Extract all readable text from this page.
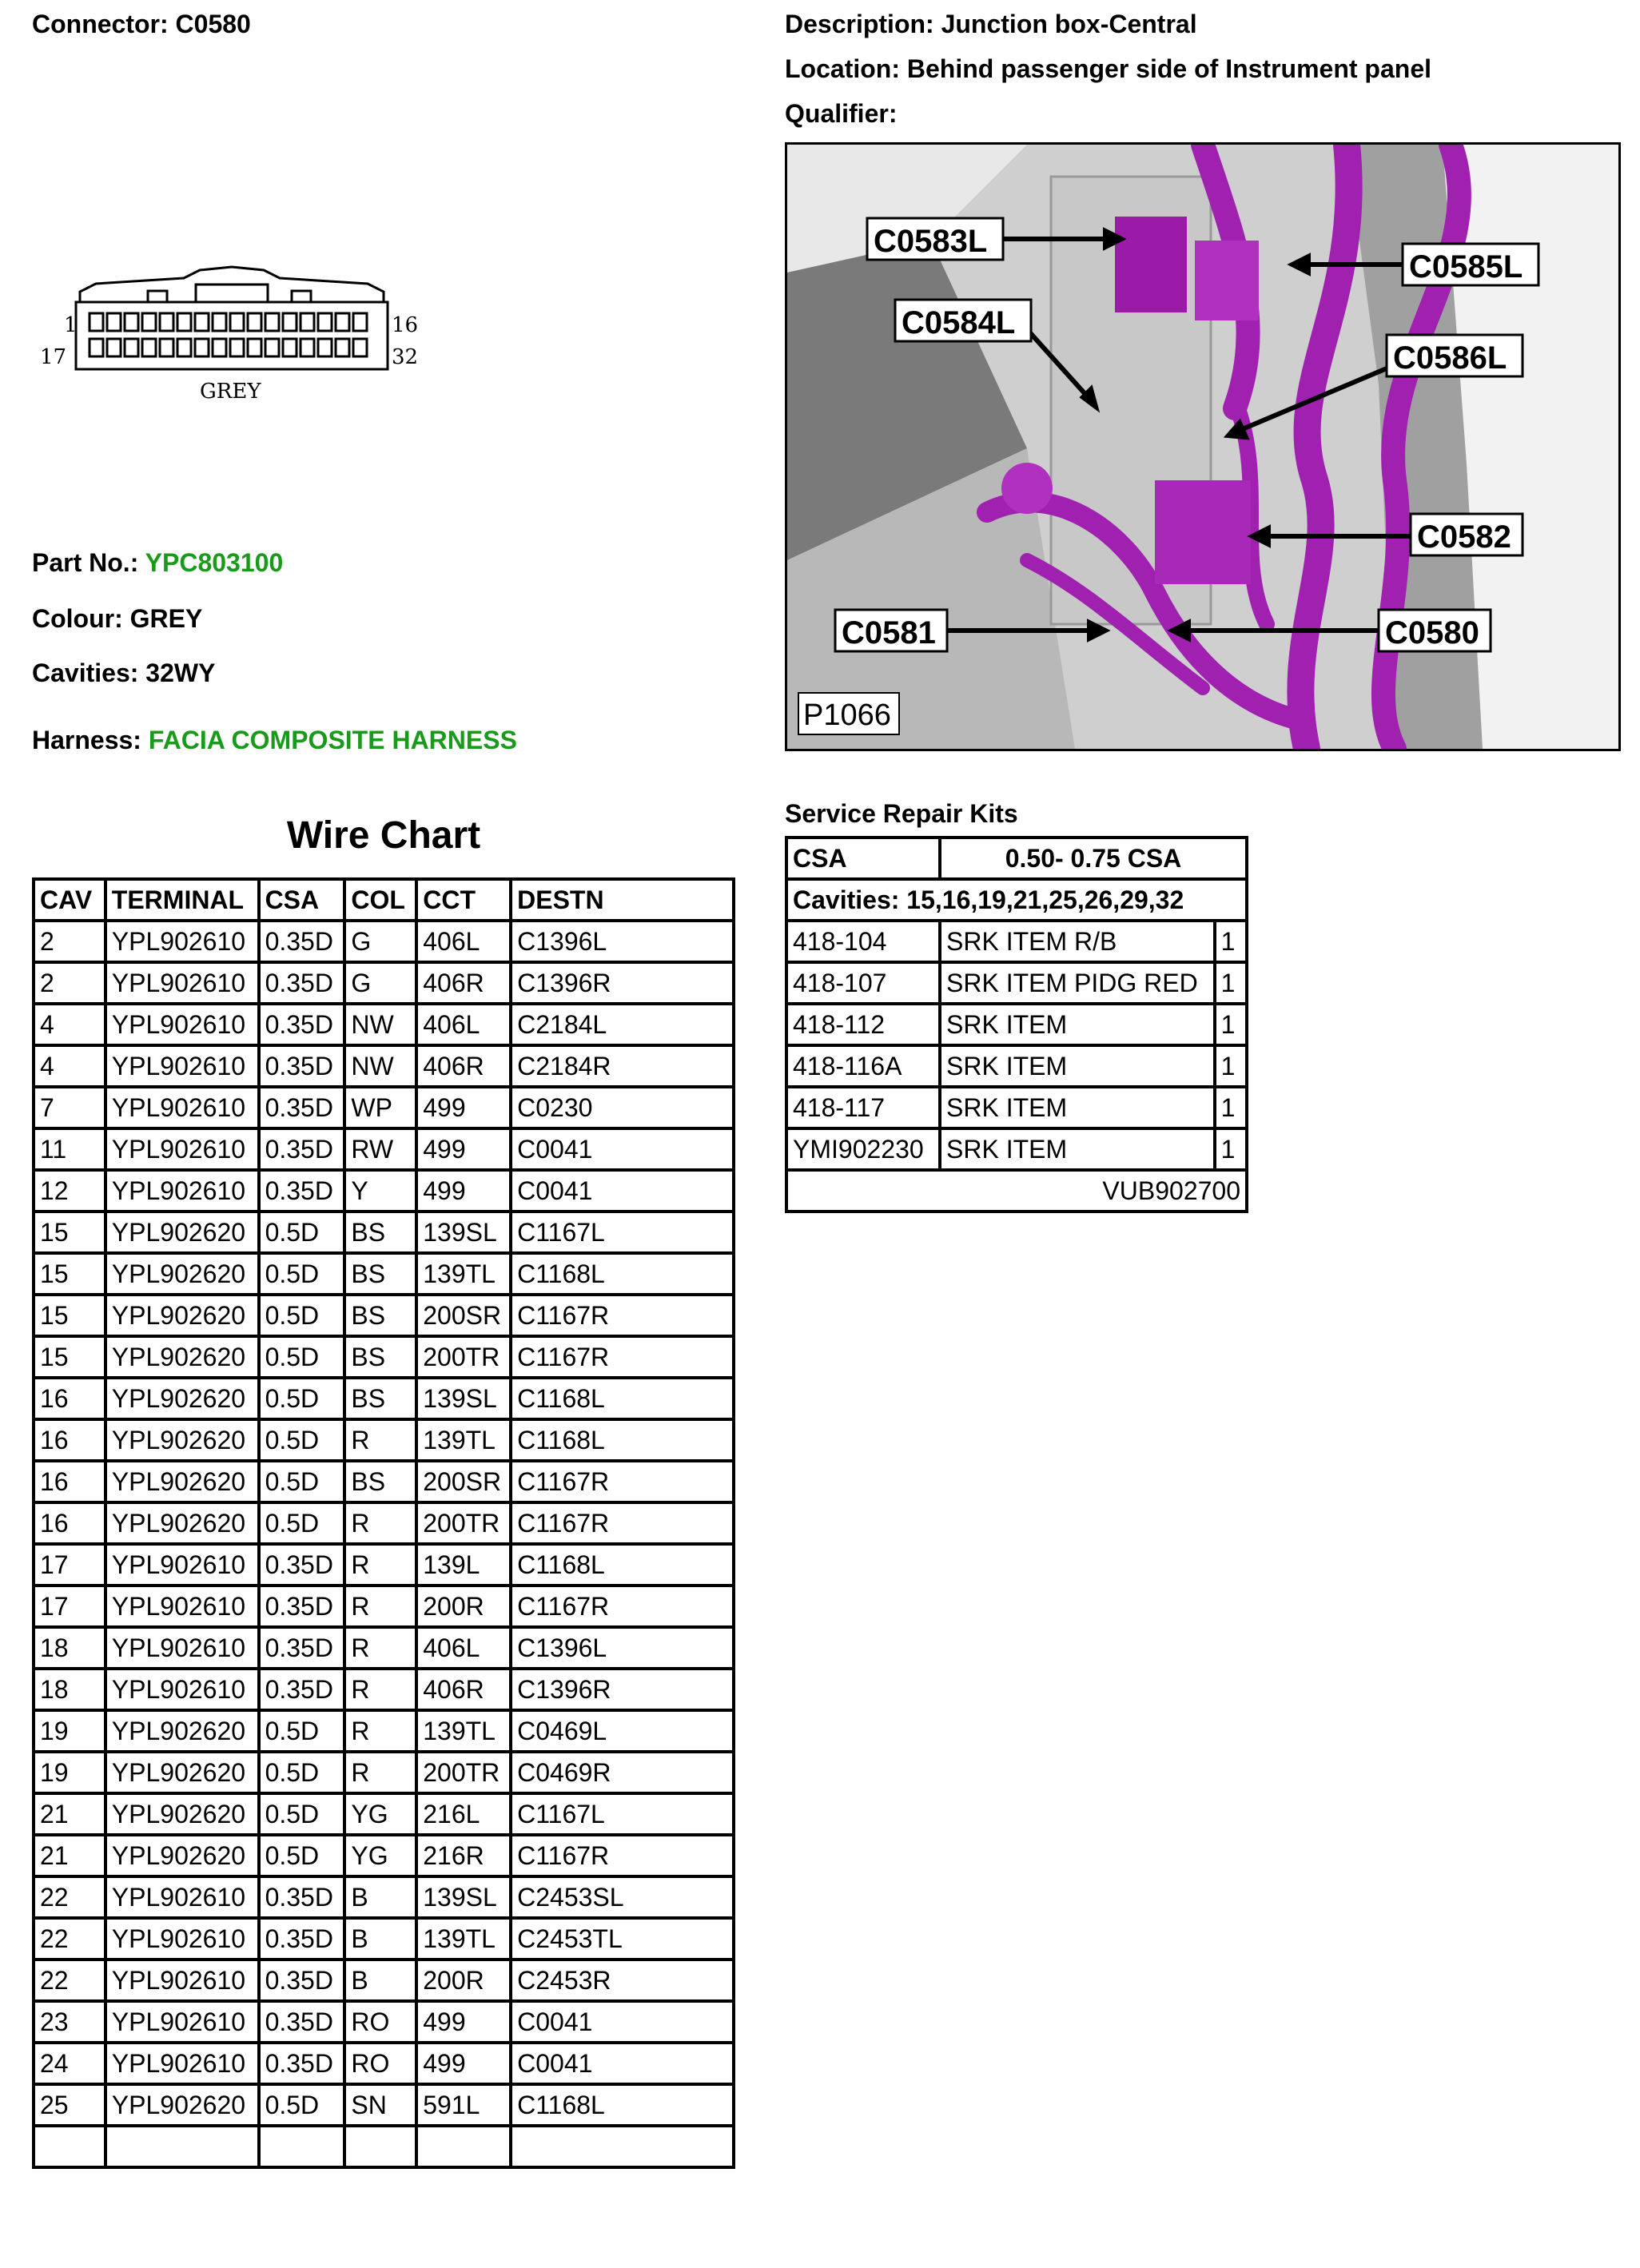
Connector: C0580	Description: Junction box-Central
Location: Behind passenger side of Instrument panel
Qualifier:
1	16
17	32
GREY
Part No.: YPC803100
Colour: GREY
Cavities: 32WY
Harness: FACIA COMPOSITE HARNESS
C0583L
C0585L
C0584L
C0586L
C0582
C0581	C0580
P1066
Wire Chart
CAV	TERMINAL	CSA	COL	CCT	DESTN
2	YPL902610	0.35D	G	406L	C1396L
2	YPL902610	0.35D	G	406R	C1396R
4	YPL902610	0.35D	NW	406L	C2184L
4	YPL902610	0.35D	NW	406R	C2184R
7	YPL902610	0.35D	WP	499	C0230
11	YPL902610	0.35D	RW	499	C0041
12	YPL902610	0.35D	Y	499	C0041
15	YPL902620	0.5D	BS	139SL	C1167L
15	YPL902620	0.5D	BS	139TL	C1168L
15	YPL902620	0.5D	BS	200SR	C1167R
15	YPL902620	0.5D	BS	200TR	C1167R
16	YPL902620	0.5D	BS	139SL	C1168L
16	YPL902620	0.5D	R	139TL	C1168L
16	YPL902620	0.5D	BS	200SR	C1167R
16	YPL902620	0.5D	R	200TR	C1167R
17	YPL902610	0.35D	R	139L	C1168L
17	YPL902610	0.35D	R	200R	C1167R
18	YPL902610	0.35D	R	406L	C1396L
18	YPL902610	0.35D	R	406R	C1396R
19	YPL902620	0.5D	R	139TL	C0469L
19	YPL902620	0.5D	R	200TR	C0469R
21	YPL902620	0.5D	YG	216L	C1167L
21	YPL902620	0.5D	YG	216R	C1167R
22	YPL902610	0.35D	B	139SL	C2453SL
22	YPL902610	0.35D	B	139TL	C2453TL
22	YPL902610	0.35D	B	200R	C2453R
23	YPL902610	0.35D	RO	499	C0041
24	YPL902610	0.35D	RO	499	C0041
25	YPL902620	0.5D	SN	591L	C1168L

Service Repair Kits
CSA	0.50- 0.75 CSA	
Cavities: 15,16,19,21,25,26,29,32		
418-104	SRK ITEM R/B	1
418-107	SRK ITEM PIDG RED	1
418-112	SRK ITEM	1
418-116A	SRK ITEM	1
418-117	SRK ITEM	1
YMI902230	SRK ITEM	1
VUB902700		
